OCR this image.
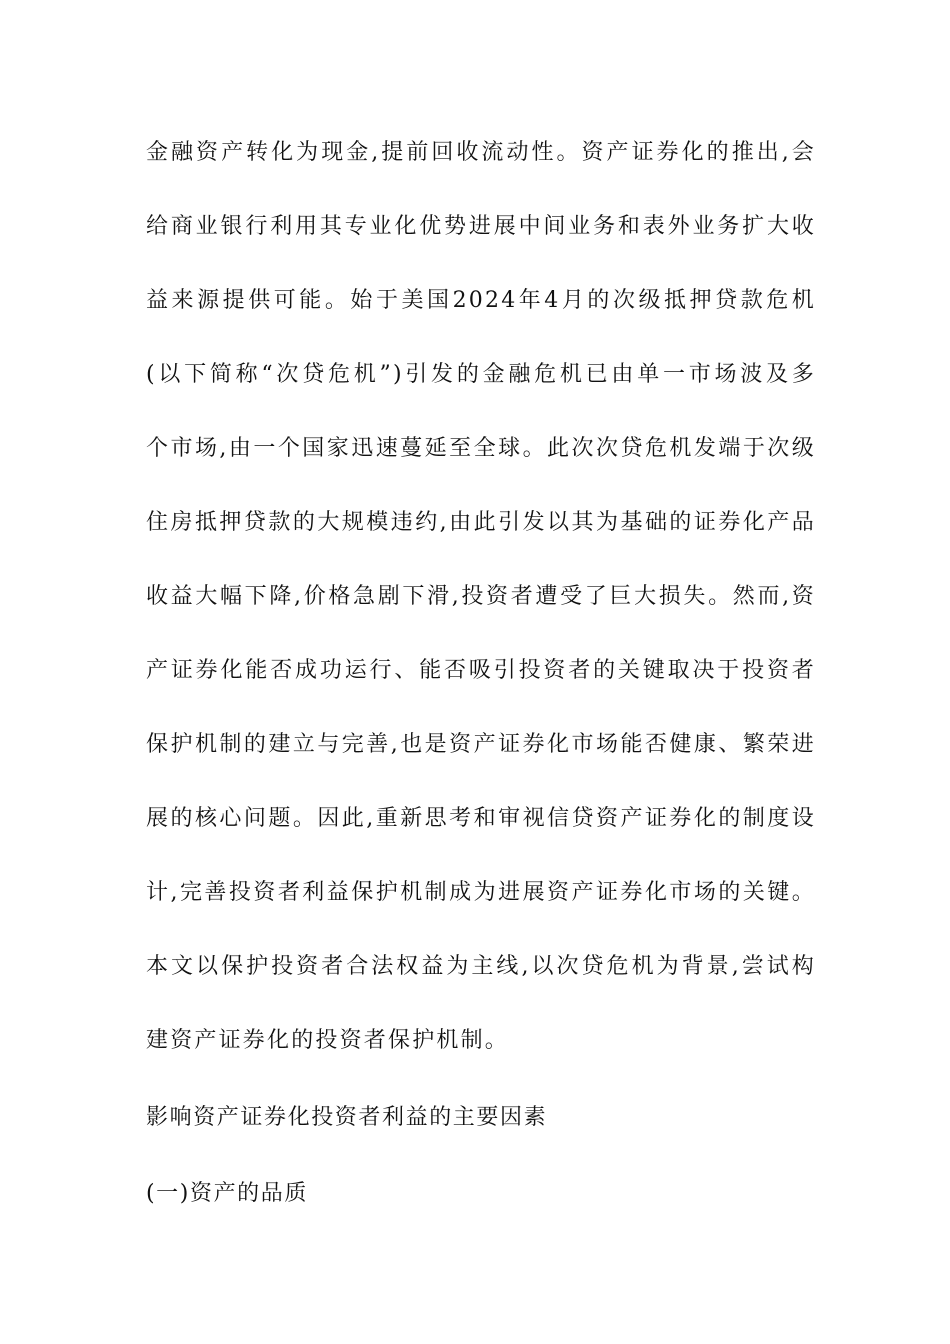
金融资产转化为现金,提前回收流动性。资产证券化的推出,会
给商业银行利用其专业化优势进展中间业务和表外业务扩大收
益来源提供可能。始于美国2024年4月的次级抵押贷款危机
(以下简称“次贷危机”)引发的金融危机已由单一市场波及多
个市场,由一个国家迅速蔓延至全球。此次次贷危机发端于次级
住房抵押贷款的大规模违约,由此引发以其为基础的证券化产品
收益大幅下降,价格急剧下滑,投资者遭受了巨大损失。然而,资
产证券化能否成功运行、能否吸引投资者的关键取决于投资者
保护机制的建立与完善,也是资产证券化市场能否健康、繁荣进
展的核心问题。因此,重新思考和审视信贷资产证券化的制度设
计,完善投资者利益保护机制成为进展资产证券化市场的关键。
本文以保护投资者合法权益为主线,以次贷危机为背景,尝试构
建资产证券化的投资者保护机制。
影响资产证券化投资者利益的主要因素
(一)资产的品质
